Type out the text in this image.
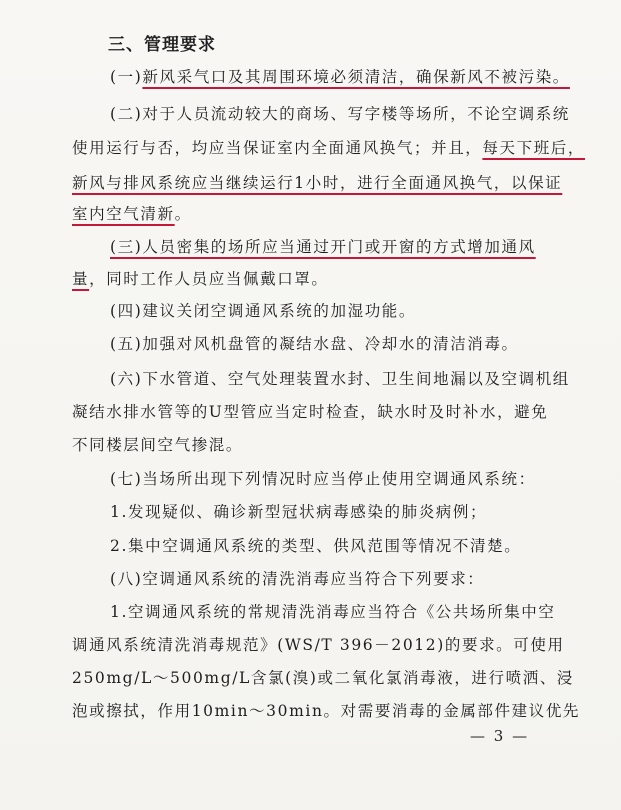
三、管理要求
(一)新风采气口及其周围环境必须清洁，确保新风不被污染。
(二)对于人员流动较大的商场、写字楼等场所，不论空调系统
使用运行与否，均应当保证室内全面通风换气；并且，每天下班后，
新风与排风系统应当继续运行1小时，进行全面通风换气，以保证
室内空气清新。
(三)人员密集的场所应当通过开门或开窗的方式增加通风
量，同时工作人员应当佩戴口罩。
(四)建议关闭空调通风系统的加湿功能。
(五)加强对风机盘管的凝结水盘、冷却水的清洁消毒。
(六)下水管道、空气处理装置水封、卫生间地漏以及空调机组
凝结水排水管等的U型管应当定时检查，缺水时及时补水，避免
不同楼层间空气掺混。
(七)当场所出现下列情况时应当停止使用空调通风系统：
1.发现疑似、确诊新型冠状病毒感染的肺炎病例；
2.集中空调通风系统的类型、供风范围等情况不清楚。
(八)空调通风系统的清洗消毒应当符合下列要求：
1.空调通风系统的常规清洗消毒应当符合《公共场所集中空
调通风系统清洗消毒规范》(WS/T 396－2012)的要求。可使用
250mg/L～500mg/L含氯(溴)或二氧化氯消毒液，进行喷洒、浸
泡或擦拭，作用10min～30min。对需要消毒的金属部件建议优先
— 3 —
